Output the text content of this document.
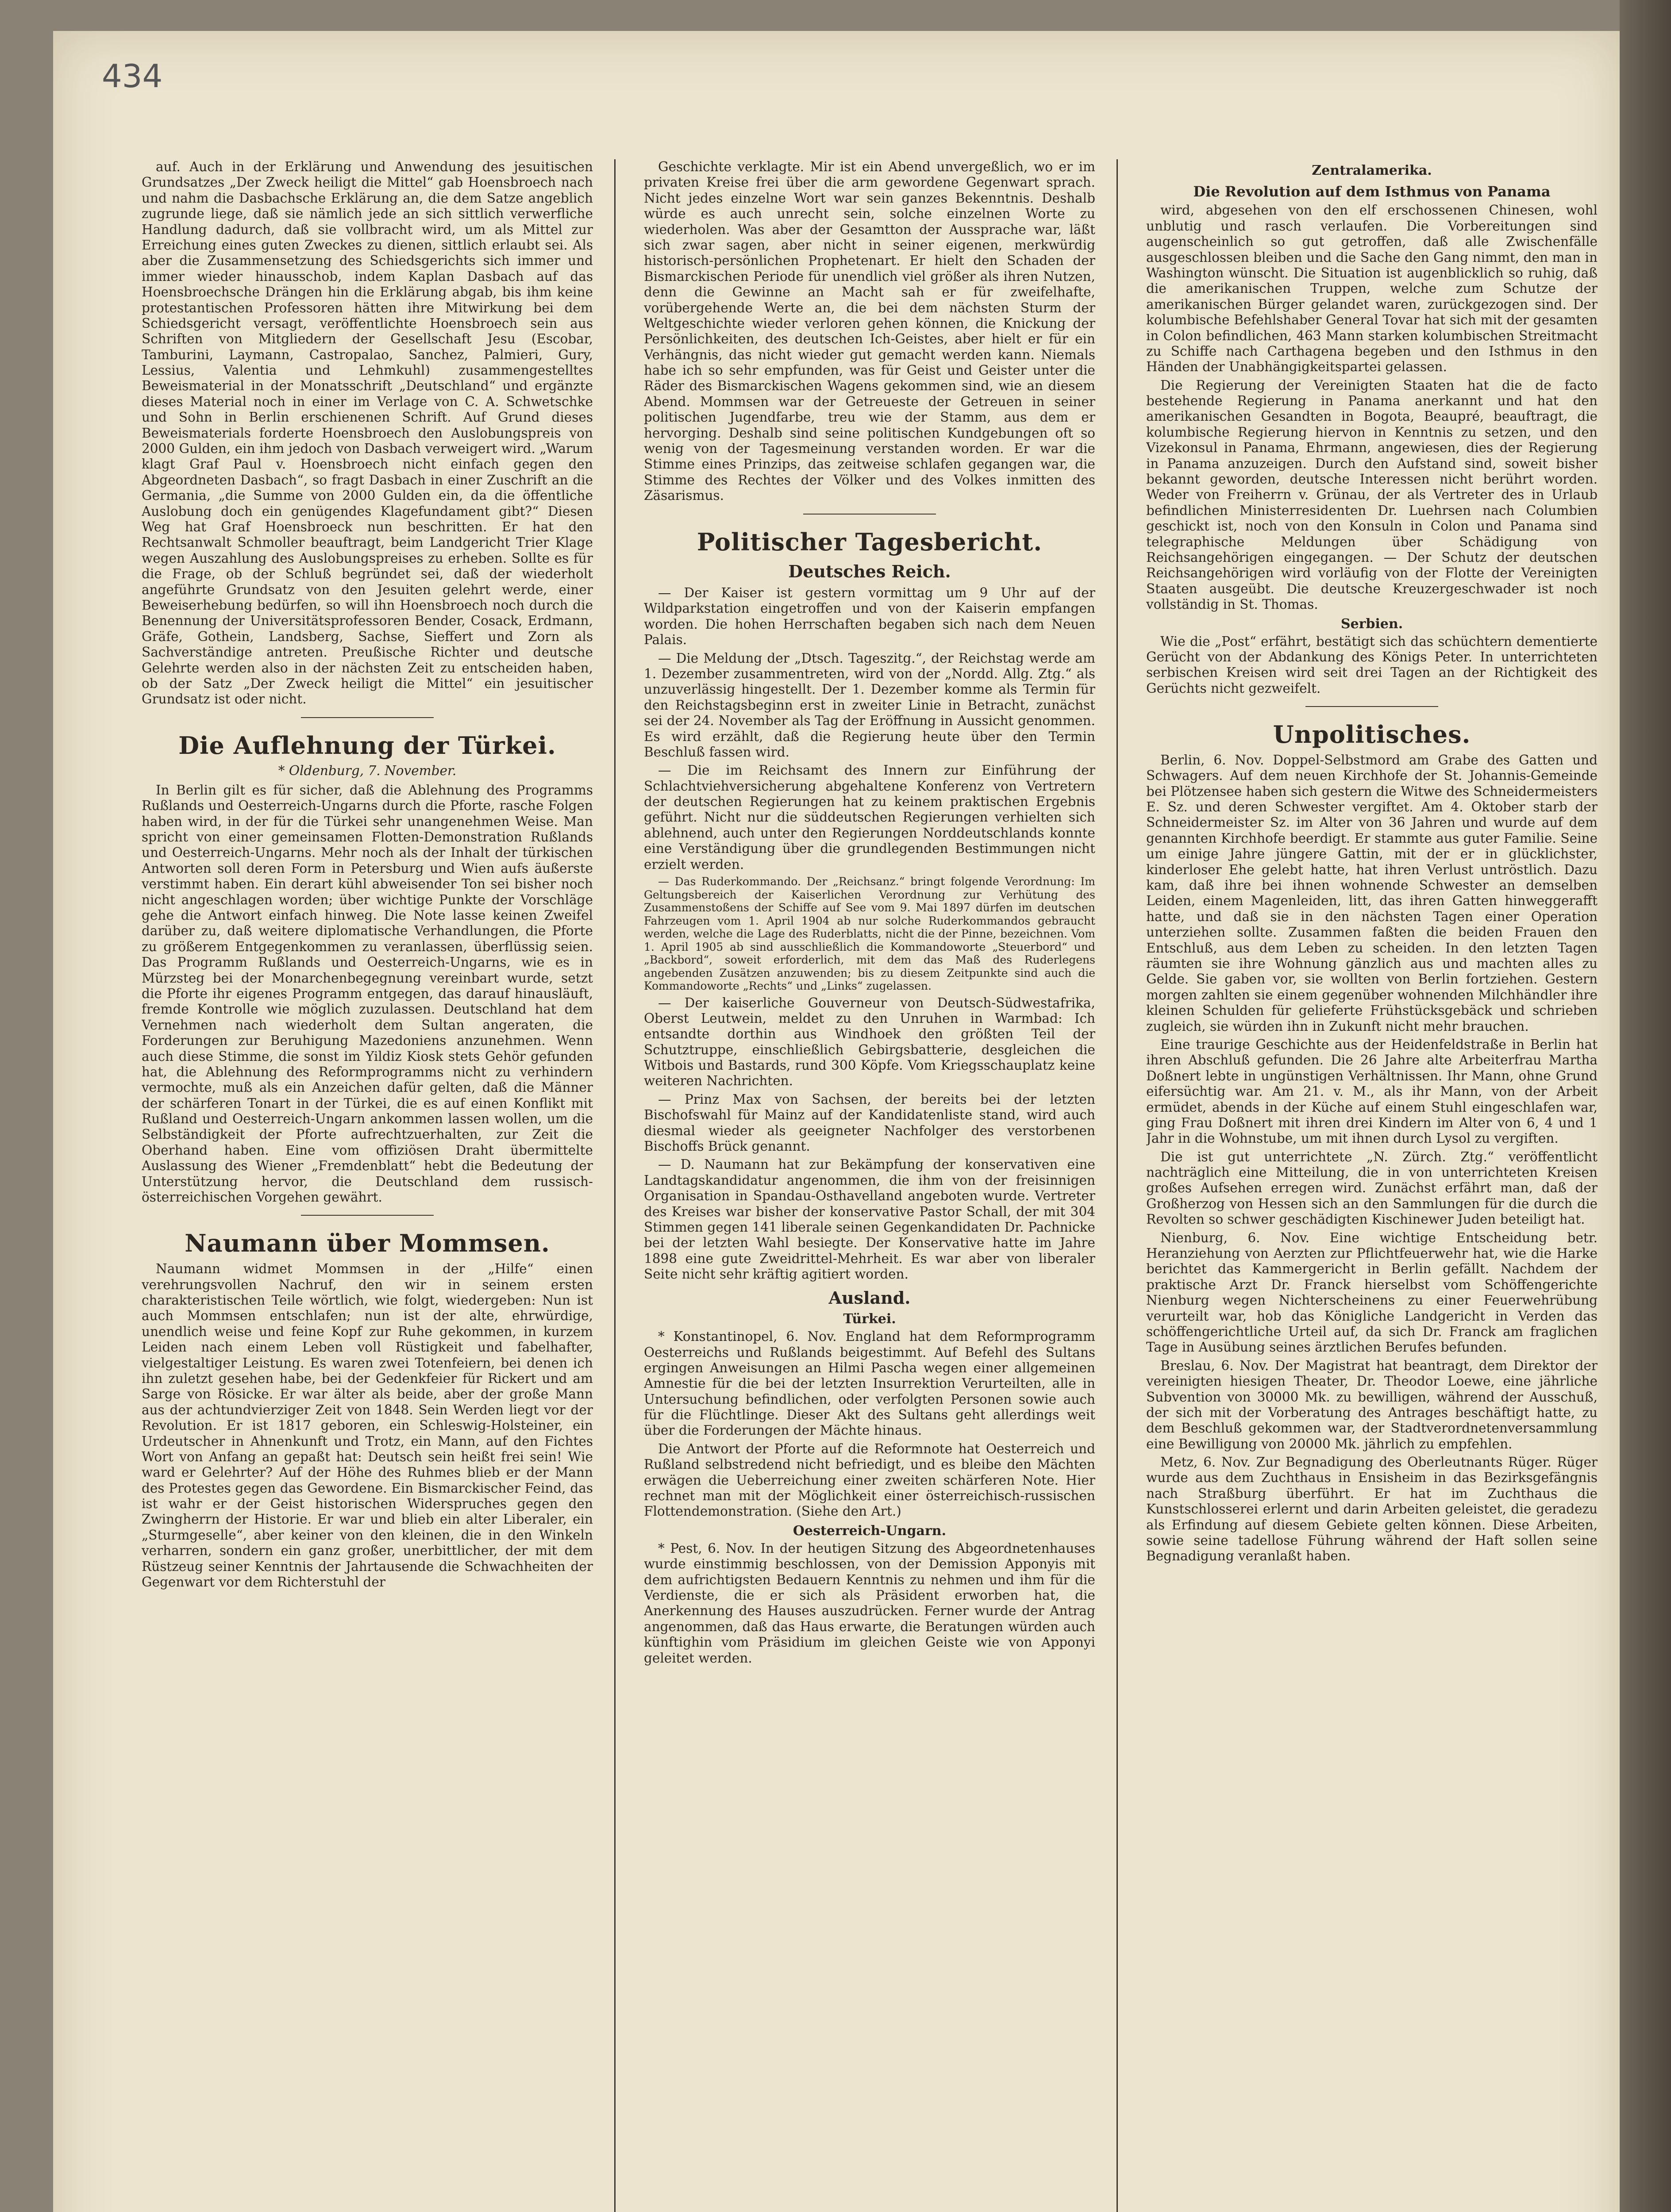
434

auf. Auch in der Erklärung und Anwendung des jesuitischen Grundsatzes „Der Zweck heiligt die Mittel“ gab Hoensbroech nach und nahm die Dasbachsche Erklärung an, die dem Satze angeblich zugrunde liege, daß sie nämlich jede an sich sittlich verwerfliche Handlung dadurch, daß sie vollbracht wird, um als Mittel zur Erreichung eines guten Zweckes zu dienen, sittlich erlaubt sei. Als aber die Zusammensetzung des Schiedsgerichts sich immer und immer wieder hinausschob, indem Kaplan Dasbach auf das Hoensbroechsche Drängen hin die Erklärung abgab, bis ihm keine protestantischen Professoren hätten ihre Mitwirkung bei dem Schiedsgericht versagt, veröffentlichte Hoensbroech sein aus Schriften von Mitgliedern der Gesellschaft Jesu (Escobar, Tamburini, Laymann, Castropalao, Sanchez, Palmieri, Gury, Lessius, Valentia und Lehmkuhl) zusammengestelltes Beweismaterial in der Monatsschrift „Deutschland“ und ergänzte dieses Material noch in einer im Verlage von C. A. Schwetschke und Sohn in Berlin erschienenen Schrift. Auf Grund dieses Beweismaterials forderte Hoensbroech den Auslobungspreis von 2000 Gulden, ein ihm jedoch von Dasbach verweigert wird. „Warum klagt Graf Paul v. Hoensbroech nicht einfach gegen den Abgeordneten Dasbach“, so fragt Dasbach in einer Zuschrift an die Germania, „die Summe von 2000 Gulden ein, da die öffentliche Auslobung doch ein genügendes Klagefundament gibt?“ Diesen Weg hat Graf Hoensbroeck nun beschritten. Er hat den Rechtsanwalt Schmoller beauftragt, beim Landgericht Trier Klage wegen Auszahlung des Auslobungspreises zu erheben. Sollte es für die Frage, ob der Schluß begründet sei, daß der wiederholt angeführte Grundsatz von den Jesuiten gelehrt werde, einer Beweiserhebung bedürfen, so will ihn Hoensbroech noch durch die Benennung der Universitätsprofessoren Bender, Cosack, Erdmann, Gräfe, Gothein, Landsberg, Sachse, Sieffert und Zorn als Sachverständige antreten. Preußische Richter und deutsche Gelehrte werden also in der nächsten Zeit zu entscheiden haben, ob der Satz „Der Zweck heiligt die Mittel“ ein jesuitischer Grundsatz ist oder nicht.

Die Auflehnung der Türkei.
* Oldenburg, 7. November.

In Berlin gilt es für sicher, daß die Ablehnung des Programms Rußlands und Oesterreich-Ungarns durch die Pforte, rasche Folgen haben wird, in der für die Türkei sehr unangenehmen Weise. Man spricht von einer gemeinsamen Flotten-Demonstration Rußlands und Oesterreich-Ungarns. Mehr noch als der Inhalt der türkischen Antworten soll deren Form in Petersburg und Wien aufs äußerste verstimmt haben. Ein derart kühl abweisender Ton sei bisher noch nicht angeschlagen worden; über wichtige Punkte der Vorschläge gehe die Antwort einfach hinweg. Die Note lasse keinen Zweifel darüber zu, daß weitere diplomatische Verhandlungen, die Pforte zu größerem Entgegenkommen zu veranlassen, überflüssig seien. Das Programm Rußlands und Oesterreich-Ungarns, wie es in Mürzsteg bei der Monarchenbegegnung vereinbart wurde, setzt die Pforte ihr eigenes Programm entgegen, das darauf hinausläuft, fremde Kontrolle wie möglich zuzulassen. Deutschland hat dem Vernehmen nach wiederholt dem Sultan angeraten, die Forderungen zur Beruhigung Mazedoniens anzunehmen. Wenn auch diese Stimme, die sonst im Yildiz Kiosk stets Gehör gefunden hat, die Ablehnung des Reformprogramms nicht zu verhindern vermochte, muß als ein Anzeichen dafür gelten, daß die Männer der schärferen Tonart in der Türkei, die es auf einen Konflikt mit Rußland und Oesterreich-Ungarn ankommen lassen wollen, um die Selbständigkeit der Pforte aufrechtzuerhalten, zur Zeit die Oberhand haben. Eine vom offiziösen Draht übermittelte Auslassung des Wiener „Fremdenblatt“ hebt die Bedeutung der Unterstützung hervor, die Deutschland dem russisch-österreichischen Vorgehen gewährt.

Naumann über Mommsen.

Naumann widmet Mommsen in der „Hilfe“ einen verehrungsvollen Nachruf, den wir in seinem ersten charakteristischen Teile wörtlich, wie folgt, wiedergeben: Nun ist auch Mommsen entschlafen; nun ist der alte, ehrwürdige, unendlich weise und feine Kopf zur Ruhe gekommen, in kurzem Leiden nach einem Leben voll Rüstigkeit und fabelhafter, vielgestaltiger Leistung. Es waren zwei Totenfeiern, bei denen ich ihn zuletzt gesehen habe, bei der Gedenkfeier für Rickert und am Sarge von Rösicke. Er war älter als beide, aber der große Mann aus der achtundvierziger Zeit von 1848. Sein Werden liegt vor der Revolution. Er ist 1817 geboren, ein Schleswig-Holsteiner, ein Urdeutscher in Ahnenkunft und Trotz, ein Mann, auf den Fichtes Wort von Anfang an gepaßt hat: Deutsch sein heißt frei sein! Wie ward er Gelehrter? Auf der Höhe des Ruhmes blieb er der Mann des Protestes gegen das Gewordene. Ein Bismarckischer Feind, das ist wahr er der Geist historischen Widerspruches gegen den Zwingherrn der Historie. Er war und blieb ein alter Liberaler, ein „Sturmgeselle“, aber keiner von den kleinen, die in den Winkeln verharren, sondern ein ganz großer, unerbittlicher, der mit dem Rüstzeug seiner Kenntnis der Jahrtausende die Schwachheiten der Gegenwart vor dem Richterstuhl der

Geschichte verklagte. Mir ist ein Abend unvergeßlich, wo er im privaten Kreise frei über die arm gewordene Gegenwart sprach. Nicht jedes einzelne Wort war sein ganzes Bekenntnis. Deshalb würde es auch unrecht sein, solche einzelnen Worte zu wiederholen. Was aber der Gesamtton der Aussprache war, läßt sich zwar sagen, aber nicht in seiner eigenen, merkwürdig historisch-persönlichen Prophetenart. Er hielt den Schaden der Bismarckischen Periode für unendlich viel größer als ihren Nutzen, denn die Gewinne an Macht sah er für zweifelhafte, vorübergehende Werte an, die bei dem nächsten Sturm der Weltgeschichte wieder verloren gehen können, die Knickung der Persönlichkeiten, des deutschen Ich-Geistes, aber hielt er für ein Verhängnis, das nicht wieder gut gemacht werden kann. Niemals habe ich so sehr empfunden, was für Geist und Geister unter die Räder des Bismarckischen Wagens gekommen sind, wie an diesem Abend. Mommsen war der Getreueste der Getreuen in seiner politischen Jugendfarbe, treu wie der Stamm, aus dem er hervorging. Deshalb sind seine politischen Kundgebungen oft so wenig von der Tagesmeinung verstanden worden. Er war die Stimme eines Prinzips, das zeitweise schlafen gegangen war, die Stimme des Rechtes der Völker und des Volkes inmitten des Zäsarismus.

Politischer Tagesbericht.
Deutsches Reich.

— Der Kaiser ist gestern vormittag um 9 Uhr auf der Wildparkstation eingetroffen und von der Kaiserin empfangen worden. Die hohen Herrschaften begaben sich nach dem Neuen Palais.

— Die Meldung der „Dtsch. Tageszitg.“, der Reichstag werde am 1. Dezember zusammentreten, wird von der „Nordd. Allg. Ztg.“ als unzuverlässig hingestellt. Der 1. Dezember komme als Termin für den Reichstagsbeginn erst in zweiter Linie in Betracht, zunächst sei der 24. November als Tag der Eröffnung in Aussicht genommen. Es wird erzählt, daß die Regierung heute über den Termin Beschluß fassen wird.

— Die im Reichsamt des Innern zur Einführung der Schlachtviehversicherung abgehaltene Konferenz von Vertretern der deutschen Regierungen hat zu keinem praktischen Ergebnis geführt. Nicht nur die süddeutschen Regierungen verhielten sich ablehnend, auch unter den Regierungen Norddeutschlands konnte eine Verständigung über die grundlegenden Bestimmungen nicht erzielt werden.

— Das Ruderkommando. Der „Reichsanz.“ bringt folgende Verordnung: Im Geltungsbereich der Kaiserlichen Verordnung zur Verhütung des Zusammenstoßens der Schiffe auf See vom 9. Mai 1897 dürfen im deutschen Fahrzeugen vom 1. April 1904 ab nur solche Ruderkommandos gebraucht werden, welche die Lage des Ruderblatts, nicht die der Pinne, bezeichnen. Vom 1. April 1905 ab sind ausschließlich die Kommandoworte „Steuerbord“ und „Backbord“, soweit erforderlich, mit dem das Maß des Ruderlegens angebenden Zusätzen anzuwenden; bis zu diesem Zeitpunkte sind auch die Kommandoworte „Rechts“ und „Links“ zugelassen.

— Der kaiserliche Gouverneur von Deutsch-Südwestafrika, Oberst Leutwein, meldet zu den Unruhen in Warmbad: Ich entsandte dorthin aus Windhoek den größten Teil der Schutztruppe, einschließlich Gebirgsbatterie, desgleichen die Witbois und Bastards, rund 300 Köpfe. Vom Kriegsschauplatz keine weiteren Nachrichten.

— Prinz Max von Sachsen, der bereits bei der letzten Bischofswahl für Mainz auf der Kandidatenliste stand, wird auch diesmal wieder als geeigneter Nachfolger des verstorbenen Bischoffs Brück genannt.

— D. Naumann hat zur Bekämpfung der konservativen eine Landtagskandidatur angenommen, die ihm von der freisinnigen Organisation in Spandau-Osthavelland angeboten wurde. Vertreter des Kreises war bisher der konservative Pastor Schall, der mit 304 Stimmen gegen 141 liberale seinen Gegenkandidaten Dr. Pachnicke bei der letzten Wahl besiegte. Der Konservative hatte im Jahre 1898 eine gute Zweidrittel-Mehrheit. Es war aber von liberaler Seite nicht sehr kräftig agitiert worden.

Ausland.
Türkei.

* Konstantinopel, 6. Nov. England hat dem Reformprogramm Oesterreichs und Rußlands beigestimmt. Auf Befehl des Sultans ergingen Anweisungen an Hilmi Pascha wegen einer allgemeinen Amnestie für die bei der letzten Insurrektion Verurteilten, alle in Untersuchung befindlichen, oder verfolgten Personen sowie auch für die Flüchtlinge. Dieser Akt des Sultans geht allerdings weit über die Forderungen der Mächte hinaus.

Die Antwort der Pforte auf die Reformnote hat Oesterreich und Rußland selbstredend nicht befriedigt, und es bleibe den Mächten erwägen die Ueberreichung einer zweiten schärferen Note. Hier rechnet man mit der Möglichkeit einer österreichisch-russischen Flottendemonstration. (Siehe den Art.)

Oesterreich-Ungarn.

* Pest, 6. Nov. In der heutigen Sitzung des Abgeordnetenhauses wurde einstimmig beschlossen, von der Demission Apponyis mit dem aufrichtigsten Bedauern Kenntnis zu nehmen und ihm für die Verdienste, die er sich als Präsident erworben hat, die Anerkennung des Hauses auszudrücken. Ferner wurde der Antrag angenommen, daß das Haus erwarte, die Beratungen würden auch künftighin vom Präsidium im gleichen Geiste wie von Apponyi geleitet werden.

Zentralamerika.
Die Revolution auf dem Isthmus von Panama

wird, abgesehen von den elf erschossenen Chinesen, wohl unblutig und rasch verlaufen. Die Vorbereitungen sind augenscheinlich so gut getroffen, daß alle Zwischenfälle ausgeschlossen bleiben und die Sache den Gang nimmt, den man in Washington wünscht. Die Situation ist augenblicklich so ruhig, daß die amerikanischen Truppen, welche zum Schutze der amerikanischen Bürger gelandet waren, zurückgezogen sind. Der kolumbische Befehlshaber General Tovar hat sich mit der gesamten in Colon befindlichen, 463 Mann starken kolumbischen Streitmacht zu Schiffe nach Carthagena begeben und den Isthmus in den Händen der Unabhängigkeitspartei gelassen.

Die Regierung der Vereinigten Staaten hat die de facto bestehende Regierung in Panama anerkannt und hat den amerikanischen Gesandten in Bogota, Beaupré, beauftragt, die kolumbische Regierung hiervon in Kenntnis zu setzen, und den Vizekonsul in Panama, Ehrmann, angewiesen, dies der Regierung in Panama anzuzeigen. Durch den Aufstand sind, soweit bisher bekannt geworden, deutsche Interessen nicht berührt worden. Weder von Freiherrn v. Grünau, der als Vertreter des in Urlaub befindlichen Ministerresidenten Dr. Luehrsen nach Columbien geschickt ist, noch von den Konsuln in Colon und Panama sind telegraphische Meldungen über Schädigung von Reichsangehörigen eingegangen. — Der Schutz der deutschen Reichsangehörigen wird vorläufig von der Flotte der Vereinigten Staaten ausgeübt. Die deutsche Kreuzergeschwader ist noch vollständig in St. Thomas.

Serbien.

Wie die „Post“ erfährt, bestätigt sich das schüchtern dementierte Gerücht von der Abdankung des Königs Peter. In unterrichteten serbischen Kreisen wird seit drei Tagen an der Richtigkeit des Gerüchts nicht gezweifelt.

Unpolitisches.

Berlin, 6. Nov. Doppel-Selbstmord am Grabe des Gatten und Schwagers. Auf dem neuen Kirchhofe der St. Johannis-Gemeinde bei Plötzensee haben sich gestern die Witwe des Schneidermeisters E. Sz. und deren Schwester vergiftet. Am 4. Oktober starb der Schneidermeister Sz. im Alter von 36 Jahren und wurde auf dem genannten Kirchhofe beerdigt. Er stammte aus guter Familie. Seine um einige Jahre jüngere Gattin, mit der er in glücklichster, kinderloser Ehe gelebt hatte, hat ihren Verlust untröstlich. Dazu kam, daß ihre bei ihnen wohnende Schwester an demselben Leiden, einem Magenleiden, litt, das ihren Gatten hinweggerafft hatte, und daß sie in den nächsten Tagen einer Operation unterziehen sollte. Zusammen faßten die beiden Frauen den Entschluß, aus dem Leben zu scheiden. In den letzten Tagen räumten sie ihre Wohnung gänzlich aus und machten alles zu Gelde. Sie gaben vor, sie wollten von Berlin fortziehen. Gestern morgen zahlten sie einem gegenüber wohnenden Milchhändler ihre kleinen Schulden für gelieferte Frühstücksgebäck und schrieben zugleich, sie würden ihn in Zukunft nicht mehr brauchen.

Eine traurige Geschichte aus der Heidenfeldstraße in Berlin hat ihren Abschluß gefunden. Die 26 Jahre alte Arbeiterfrau Martha Doßnert lebte in ungünstigen Verhältnissen. Ihr Mann, ohne Grund eifersüchtig war. Am 21. v. M., als ihr Mann, von der Arbeit ermüdet, abends in der Küche auf einem Stuhl eingeschlafen war, ging Frau Doßnert mit ihren drei Kindern im Alter von 6, 4 und 1 Jahr in die Wohnstube, um mit ihnen durch Lysol zu vergiften.

Die ist gut unterrichtete „N. Zürch. Ztg.“ veröffentlicht nachträglich eine Mitteilung, die in von unterrichteten Kreisen großes Aufsehen erregen wird. Zunächst erfährt man, daß der Großherzog von Hessen sich an den Sammlungen für die durch die Revolten so schwer geschädigten Kischinewer Juden beteiligt hat.

Nienburg, 6. Nov. Eine wichtige Entscheidung betr. Heranziehung von Aerzten zur Pflichtfeuerwehr hat, wie die Harke berichtet das Kammergericht in Berlin gefällt. Nachdem der praktische Arzt Dr. Franck hierselbst vom Schöffengerichte Nienburg wegen Nichterscheinens zu einer Feuerwehrübung verurteilt war, hob das Königliche Landgericht in Verden das schöffengerichtliche Urteil auf, da sich Dr. Franck am fraglichen Tage in Ausübung seines ärztlichen Berufes befunden.

Breslau, 6. Nov. Der Magistrat hat beantragt, dem Direktor der vereinigten hiesigen Theater, Dr. Theodor Loewe, eine jährliche Subvention von 30000 Mk. zu bewilligen, während der Ausschuß, der sich mit der Vorberatung des Antrages beschäftigt hatte, zu dem Beschluß gekommen war, der Stadtverordnetenversammlung eine Bewilligung von 20000 Mk. jährlich zu empfehlen.

Metz, 6. Nov. Zur Begnadigung des Oberleutnants Rüger. Rüger wurde aus dem Zuchthaus in Ensisheim in das Bezirksgefängnis nach Straßburg überführt. Er hat im Zuchthaus die Kunstschlosserei erlernt und darin Arbeiten geleistet, die geradezu als Erfindung auf diesem Gebiete gelten können. Diese Arbeiten, sowie seine tadellose Führung während der Haft sollen seine Begnadigung veranlaßt haben.
